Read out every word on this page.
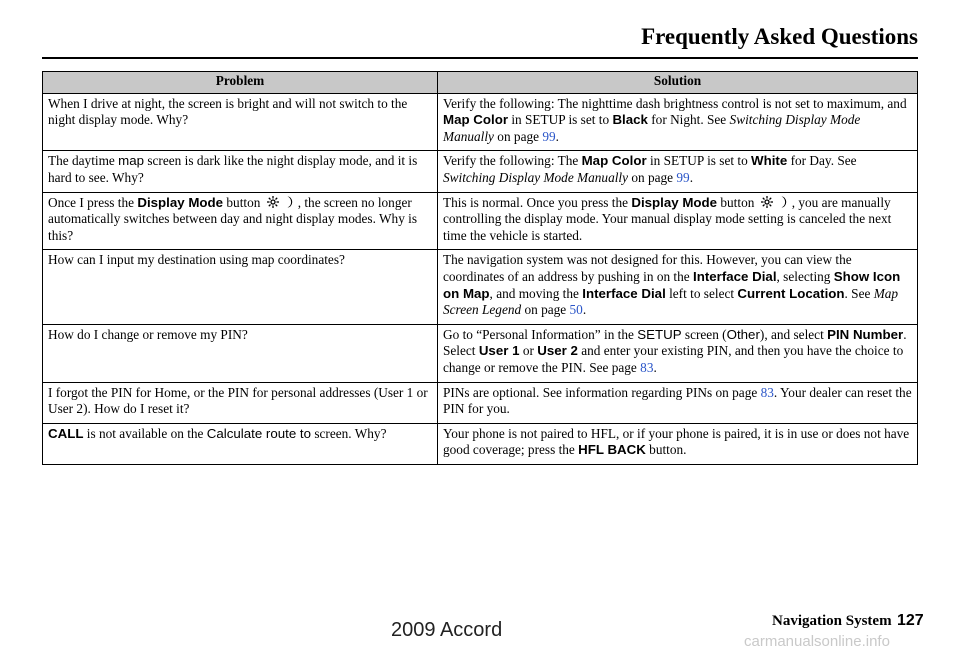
Frequently Asked Questions
Problem	Solution
When I drive at night, the screen is bright and will not switch to the night display mode. Why?	Verify the following: The nighttime dash brightness control is not set to maximum, and Map Color in SETUP is set to Black for Night. See Switching Display Mode Manually on page 99.
The daytime map screen is dark like the night display mode, and it is hard to see. Why?	Verify the following: The Map Color in SETUP is set to White for Day. See Switching Display Mode Manually on page 99.
Once I press the Display Mode button , the screen no longer automatically switches between day and night display modes. Why is this?	This is normal. Once you press the Display Mode button , you are manually controlling the display mode. Your manual display mode setting is canceled the next time the vehicle is started.
How can I input my destination using map coordinates?	The navigation system was not designed for this. However, you can view the coordinates of an address by pushing in on the Interface Dial, selecting Show Icon on Map, and moving the Interface Dial left to select Current Location. See Map Screen Legend on page 50.
How do I change or remove my PIN?	Go to “Personal Information” in the SETUP screen (Other), and select PIN Number. Select User 1 or User 2 and enter your existing PIN, and then you have the choice to change or remove the PIN. See page 83.
I forgot the PIN for Home, or the PIN for personal addresses (User 1 or User 2). How do I reset it?	PINs are optional. See information regarding PINs on page 83. Your dealer can reset the PIN for you.
CALL is not available on the Calculate route to screen. Why?	Your phone is not paired to HFL, or if your phone is paired, it is in use or does not have good coverage; press the HFL BACK button.
Navigation System 127
2009 Accord
carmanualsonline.info
